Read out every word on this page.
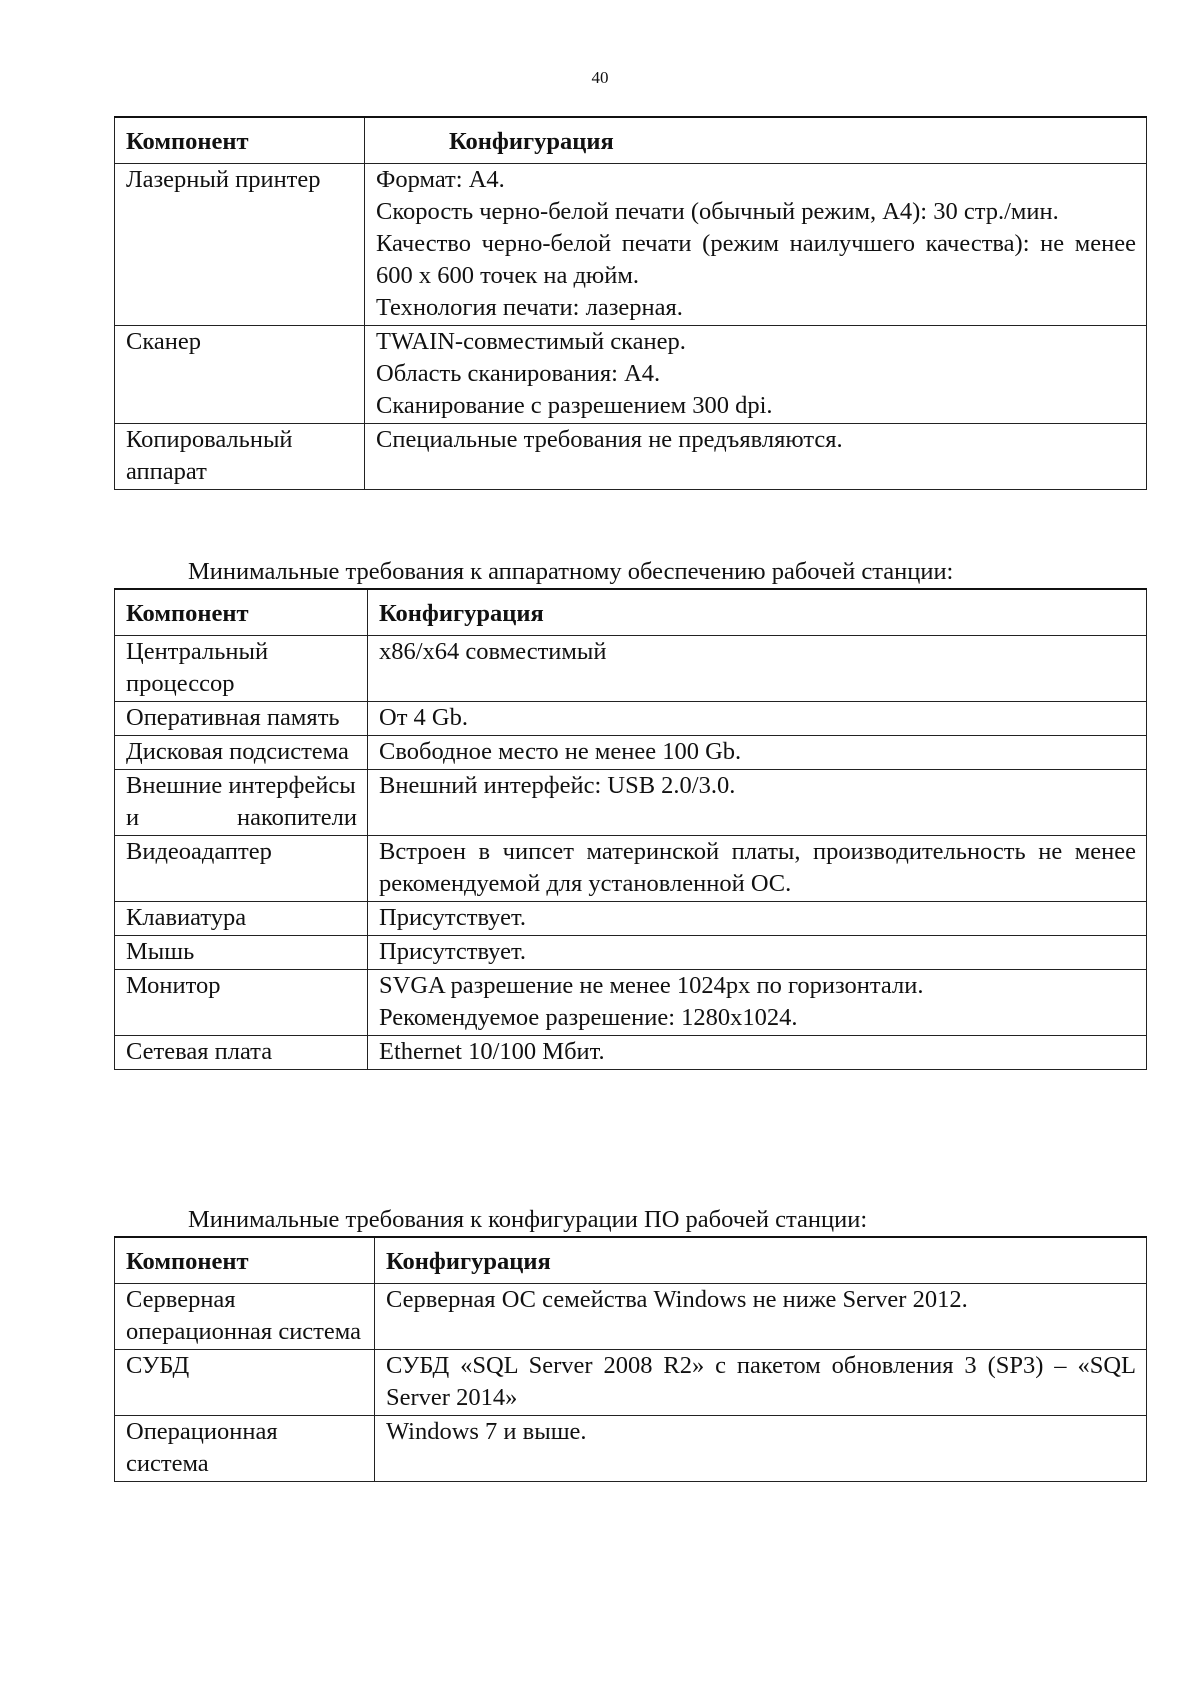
40
Компонент	Конфигурация
Лазерный принтер	Формат: А4.
Скорость черно-белой печати (обычный режим, А4): 30 стр./мин.
Качество черно-белой печати (режим наилучшего качества): не менее 600 x 600 точек на дюйм.
Технология печати: лазерная.

Сканер	TWAIN-совместимый сканер.
Область сканирования: А4.
Сканирование с разрешением 300 dpi.

Копировальный аппарат	Специальные требования не предъявляются.
Минимальные требования к аппаратному обеспечению рабочей станции:
Компонент	Конфигурация
Центральный процессор	x86/x64 совместимый

Оперативная память	От 4 Gb.

Дисковая подсистема	Свободное место не менее 100 Gb.

Внешние интерфейсы и накопители	Внешний интерфейс: USB 2.0/3.0.

Видеоадаптер	Встроен в чипсет материнской платы, производительность не менее рекомендуемой для установленной ОС.

Клавиатура	Присутствует.

Мышь	Присутствует.

Монитор	SVGA разрешение не менее 1024px по горизонтали.
Рекомендуемое разрешение: 1280x1024.

Сетевая плата	Ethernet 10/100 Мбит.
Минимальные требования к конфигурации ПО рабочей станции:
Компонент	Конфигурация
Серверная операционная система	Серверная ОС семейства Windows не ниже Server 2012.

СУБД	СУБД «SQL Server 2008 R2» с пакетом обновления 3 (SP3) – «SQL Server 2014»

Операционная система	Windows 7 и выше.
